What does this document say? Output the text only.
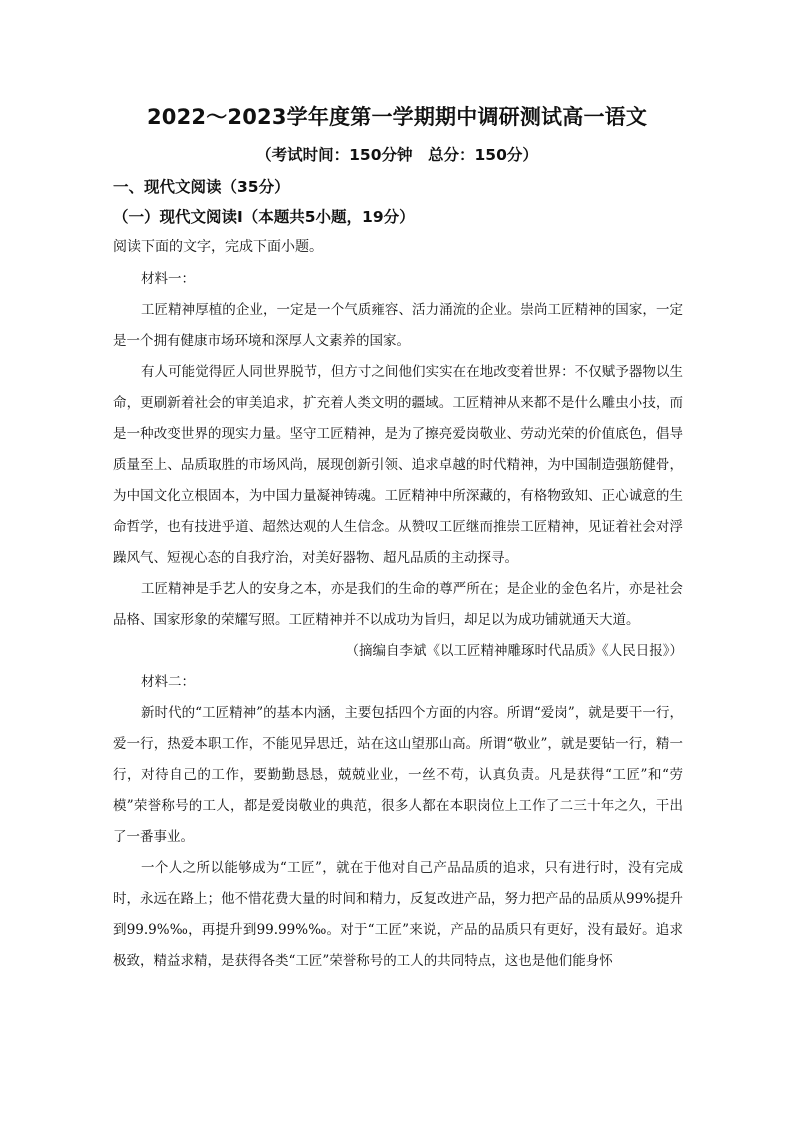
2022～2023学年度第一学期期中调研测试高一语文
（考试时间：150分钟　总分：150分）
一、现代文阅读（35分）
（一）现代文阅读Ⅰ（本题共5小题，19分）
阅读下面的文字，完成下面小题。
材料一：

工匠精神厚植的企业，一定是一个气质雍容、活力涌流的企业。崇尚工匠精神的国家，一定是一个拥有健康市场环境和深厚人文素养的国家。

有人可能觉得匠人同世界脱节，但方寸之间他们实实在在地改变着世界：不仅赋予器物以生命，更刷新着社会的审美追求，扩充着人类文明的疆域。工匠精神从来都不是什么雕虫小技，而是一种改变世界的现实力量。坚守工匠精神，是为了擦亮爱岗敬业、劳动光荣的价值底色，倡导质量至上、品质取胜的市场风尚，展现创新引领、追求卓越的时代精神，为中国制造强筋健骨，为中国文化立根固本，为中国力量凝神铸魂。工匠精神中所深藏的，有格物致知、正心诚意的生命哲学，也有技进乎道、超然达观的人生信念。从赞叹工匠继而推崇工匠精神，见证着社会对浮躁风气、短视心态的自我疗治，对美好器物、超凡品质的主动探寻。

工匠精神是手艺人的安身之本，亦是我们的生命的尊严所在；是企业的金色名片，亦是社会品格、国家形象的荣耀写照。工匠精神并不以成功为旨归，却足以为成功铺就通天大道。

（摘编自李斌《以工匠精神雕琢时代品质》《人民日报》）

材料二：

新时代的“工匠精神”的基本内涵，主要包括四个方面的内容。所谓“爱岗”，就是要干一行，爱一行，热爱本职工作，不能见异思迁，站在这山望那山高。所谓“敬业”，就是要钻一行，精一行，对待自己的工作，要勤勤恳恳，兢兢业业，一丝不苟，认真负责。凡是获得“工匠”和“劳模”荣誉称号的工人，都是爱岗敬业的典范，很多人都在本职岗位上工作了二三十年之久，干出了一番事业。

一个人之所以能够成为“工匠”，就在于他对自己产品品质的追求，只有进行时，没有完成时，永远在路上；他不惜花费大量的时间和精力，反复改进产品，努力把产品的品质从99%提升到99.9%‰，再提升到99.99%‰。对于“工匠”来说，产品的品质只有更好，没有最好。追求极致，精益求精，是获得各类“工匠”荣誉称号的工人的共同特点，这也是他们能身怀
